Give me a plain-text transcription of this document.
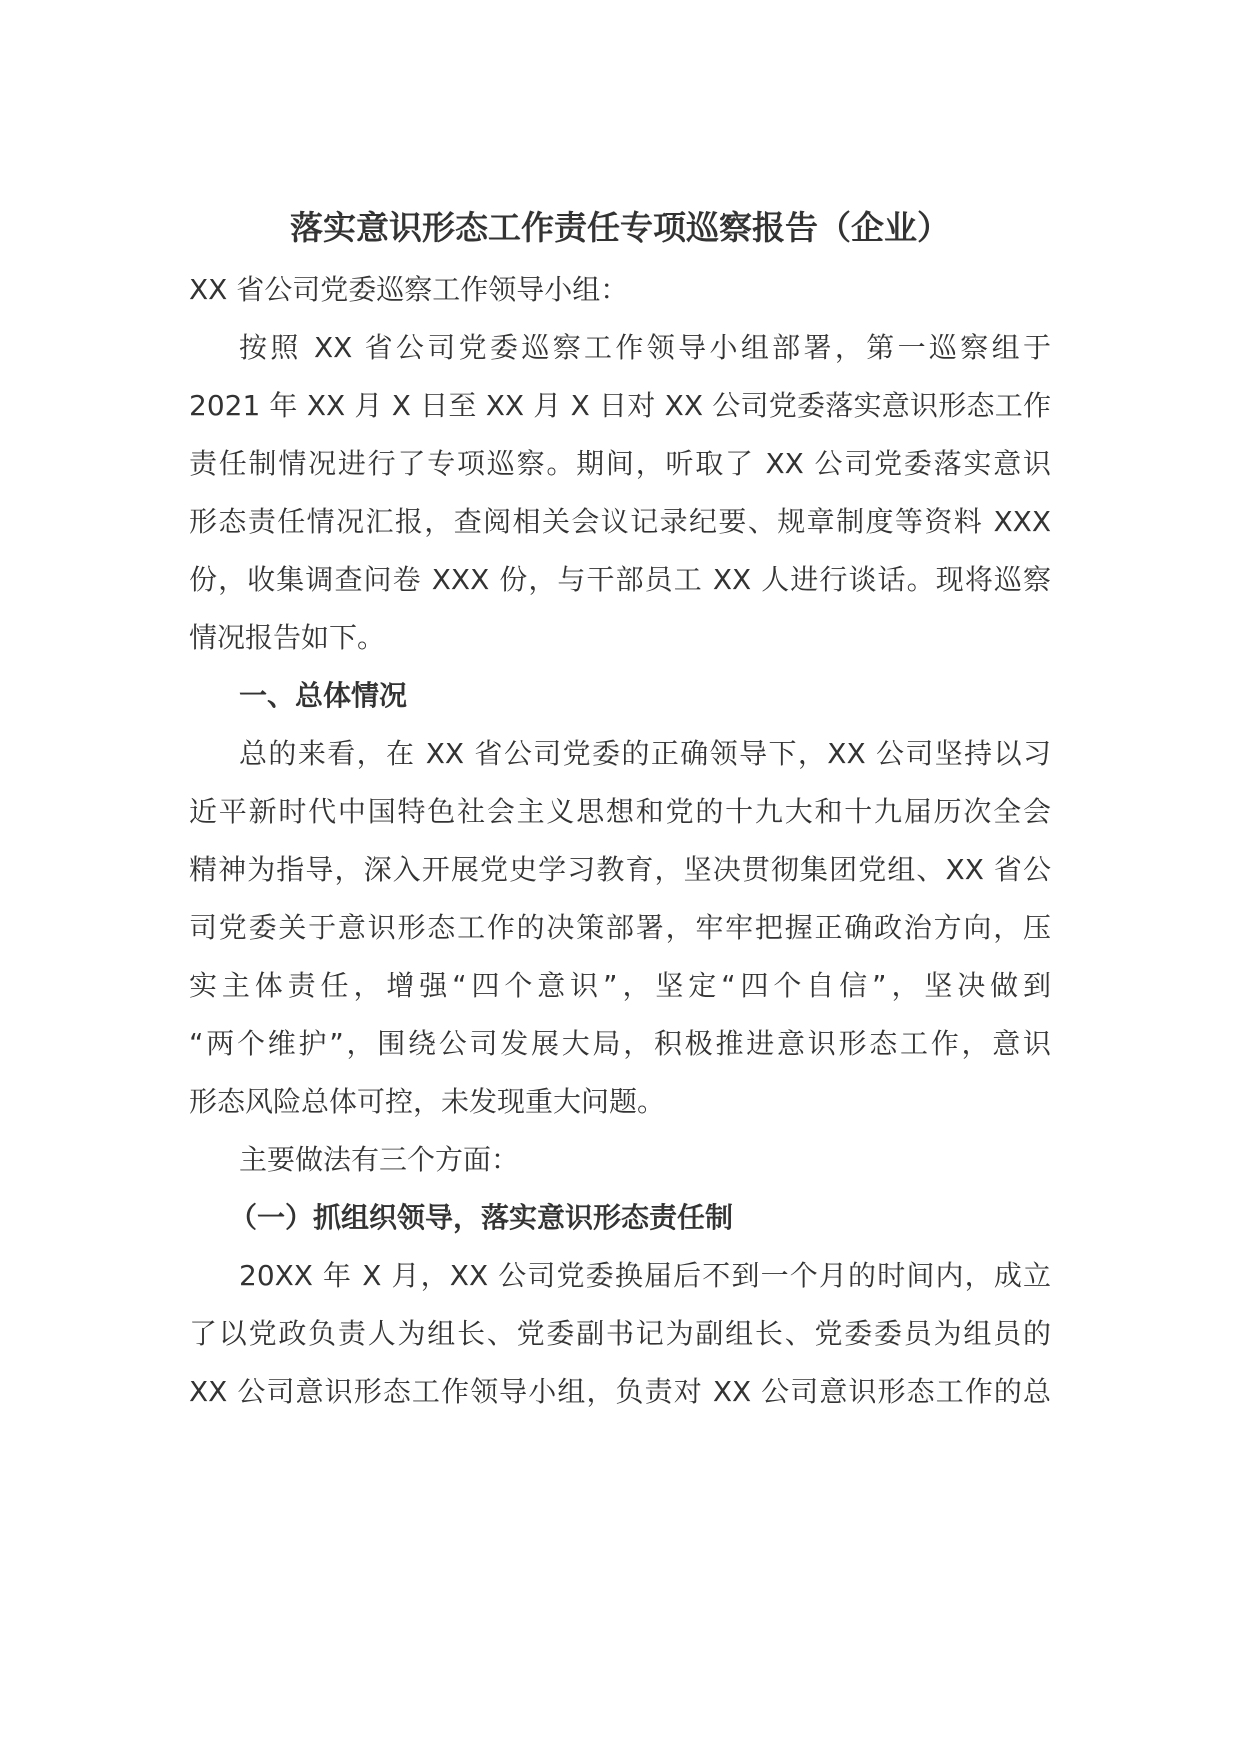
落实意识形态工作责任专项巡察报告（企业）

XX 省公司党委巡察工作领导小组：

按照 XX 省公司党委巡察工作领导小组部署，第一巡察组于

2021 年 XX 月 X 日至 XX 月 X 日对 XX 公司党委落实意识形态工作

责任制情况进行了专项巡察。期间，听取了 XX 公司党委落实意识

形态责任情况汇报，查阅相关会议记录纪要、规章制度等资料 XXX

份，收集调查问卷 XXX 份，与干部员工 XX 人进行谈话。现将巡察

情况报告如下。

一、总体情况

总的来看，在 XX 省公司党委的正确领导下，XX 公司坚持以习

近平新时代中国特色社会主义思想和党的十九大和十九届历次全会

精神为指导，深入开展党史学习教育，坚决贯彻集团党组、XX 省公

司党委关于意识形态工作的决策部署，牢牢把握正确政治方向，压

实主体责任，增强“四个意识”，坚定“四个自信”，坚决做到

“两个维护”，围绕公司发展大局，积极推进意识形态工作，意识

形态风险总体可控，未发现重大问题。

主要做法有三个方面：

（一）抓组织领导，落实意识形态责任制

20XX 年 X 月，XX 公司党委换届后不到一个月的时间内，成立

了以党政负责人为组长、党委副书记为副组长、党委委员为组员的

XX 公司意识形态工作领导小组，负责对 XX 公司意识形态工作的总
